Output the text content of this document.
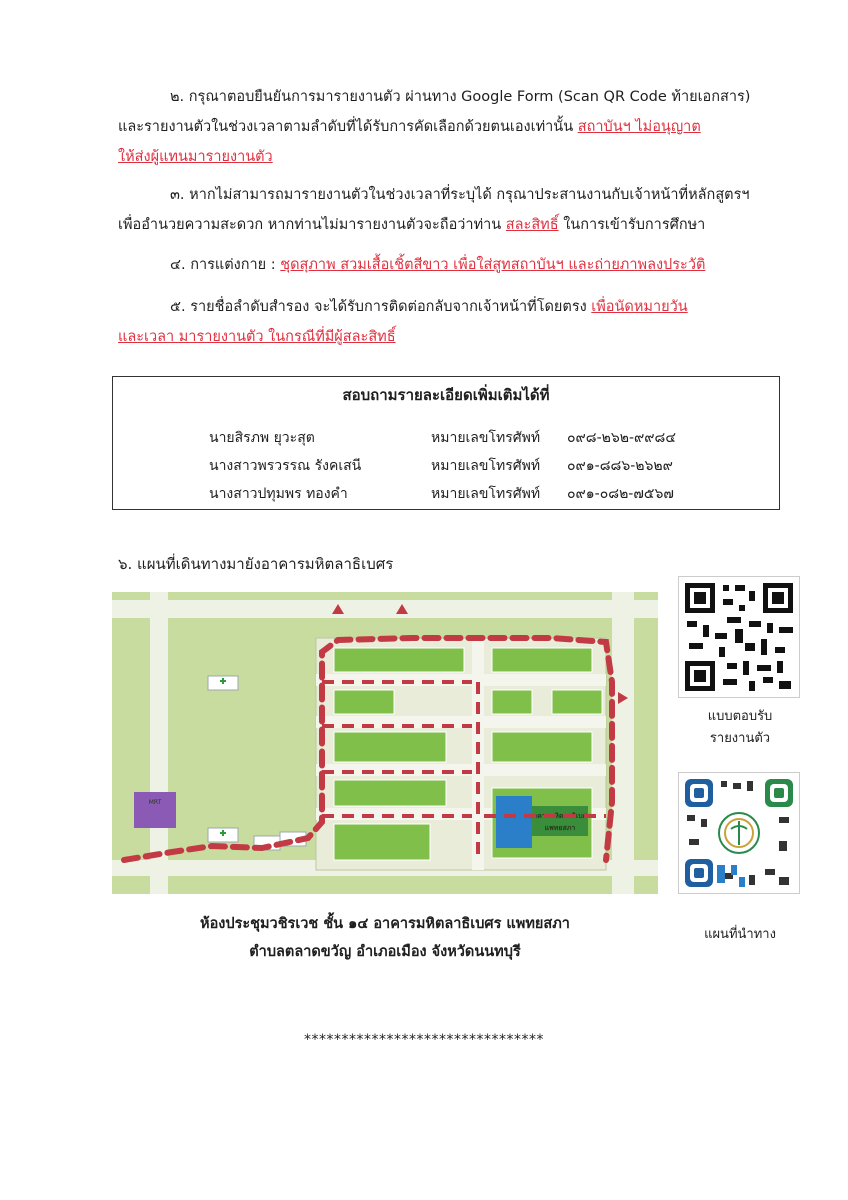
๒. กรุณาตอบยืนยันการมารายงานตัว ผ่านทาง Google Form (Scan QR Code ท้ายเอกสาร)
และรายงานตัวในช่วงเวลาตามลำดับที่ได้รับการคัดเลือกด้วยตนเองเท่านั้น สถาบันฯ ไม่อนุญาต
ให้ส่งผู้แทนมารายงานตัว

๓. หากไม่สามารถมารายงานตัวในช่วงเวลาที่ระบุได้ กรุณาประสานงานกับเจ้าหน้าที่หลักสูตรฯ
เพื่ออำนวยความสะดวก หากท่านไม่มารายงานตัวจะถือว่าท่าน สละสิทธิ์ ในการเข้ารับการศึกษา

๔. การแต่งกาย : ชุดสุภาพ สวมเสื้อเชิ้ตสีขาว เพื่อใส่สูทสถาบันฯ และถ่ายภาพลงประวัติ

๕. รายชื่อลำดับสำรอง จะได้รับการติดต่อกลับจากเจ้าหน้าที่โดยตรง เพื่อนัดหมายวัน
และเวลา มารายงานตัว ในกรณีที่มีผู้สละสิทธิ์

สอบถามรายละเอียดเพิ่มเติมได้ที่
นายสิรภพ ยุวะสุต	หมายเลขโทรศัพท์ ๐๙๘-๒๖๒-๙๙๘๔
นางสาวพรวรรณ รังคเสนี	หมายเลขโทรศัพท์ ๐๙๑-๘๘๖-๒๖๒๙
นางสาวปทุมพร ทองคำ	หมายเลขโทรศัพท์ ๐๙๑-๐๘๒-๗๕๖๗
๖. แผนที่เดินทางมายังอาคารมหิตลาธิเบศร
อาคารมหิตลาธิเบศร
แพทยสภา
MRT
แบบตอบรับ
รายงานตัว
แผนที่นำทาง
ห้องประชุมวชิรเวช ชั้น ๑๔ อาคารมหิตลาธิเบศร แพทยสภา
ตำบลตลาดขวัญ อำเภอเมือง จังหวัดนนทบุรี
********************************
